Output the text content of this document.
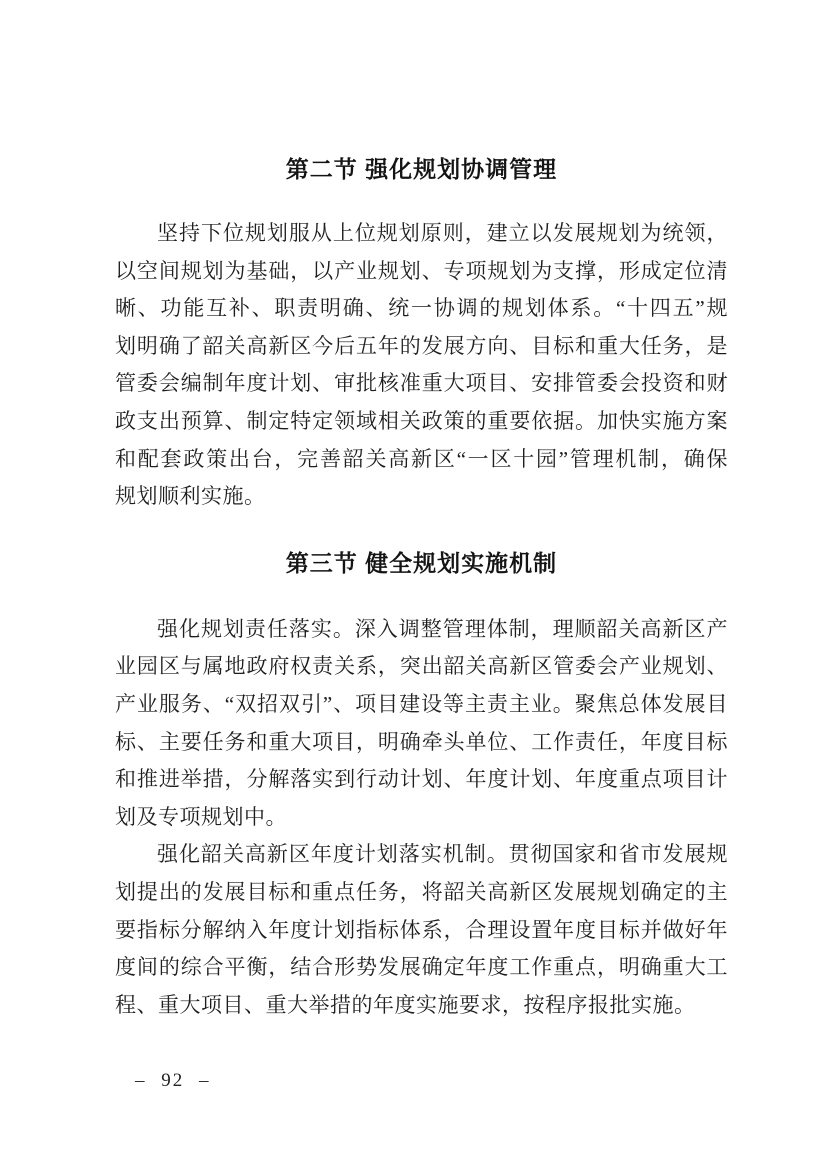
第二节 强化规划协调管理
坚持下位规划服从上位规划原则，建立以发展规划为统领，
以空间规划为基础，以产业规划、专项规划为支撑，形成定位清
晰、功能互补、职责明确、统一协调的规划体系。“十四五”规
划明确了韶关高新区今后五年的发展方向、目标和重大任务，是
管委会编制年度计划、审批核准重大项目、安排管委会投资和财
政支出预算、制定特定领域相关政策的重要依据。加快实施方案
和配套政策出台，完善韶关高新区“一区十园”管理机制，确保
规划顺利实施。
第三节 健全规划实施机制
强化规划责任落实。深入调整管理体制，理顺韶关高新区产
业园区与属地政府权责关系，突出韶关高新区管委会产业规划、
产业服务、“双招双引”、项目建设等主责主业。聚焦总体发展目
标、主要任务和重大项目，明确牵头单位、工作责任，年度目标
和推进举措，分解落实到行动计划、年度计划、年度重点项目计
划及专项规划中。
强化韶关高新区年度计划落实机制。贯彻国家和省市发展规
划提出的发展目标和重点任务，将韶关高新区发展规划确定的主
要指标分解纳入年度计划指标体系，合理设置年度目标并做好年
度间的综合平衡，结合形势发展确定年度工作重点，明确重大工
程、重大项目、重大举措的年度实施要求，按程序报批实施。
– 92 –
